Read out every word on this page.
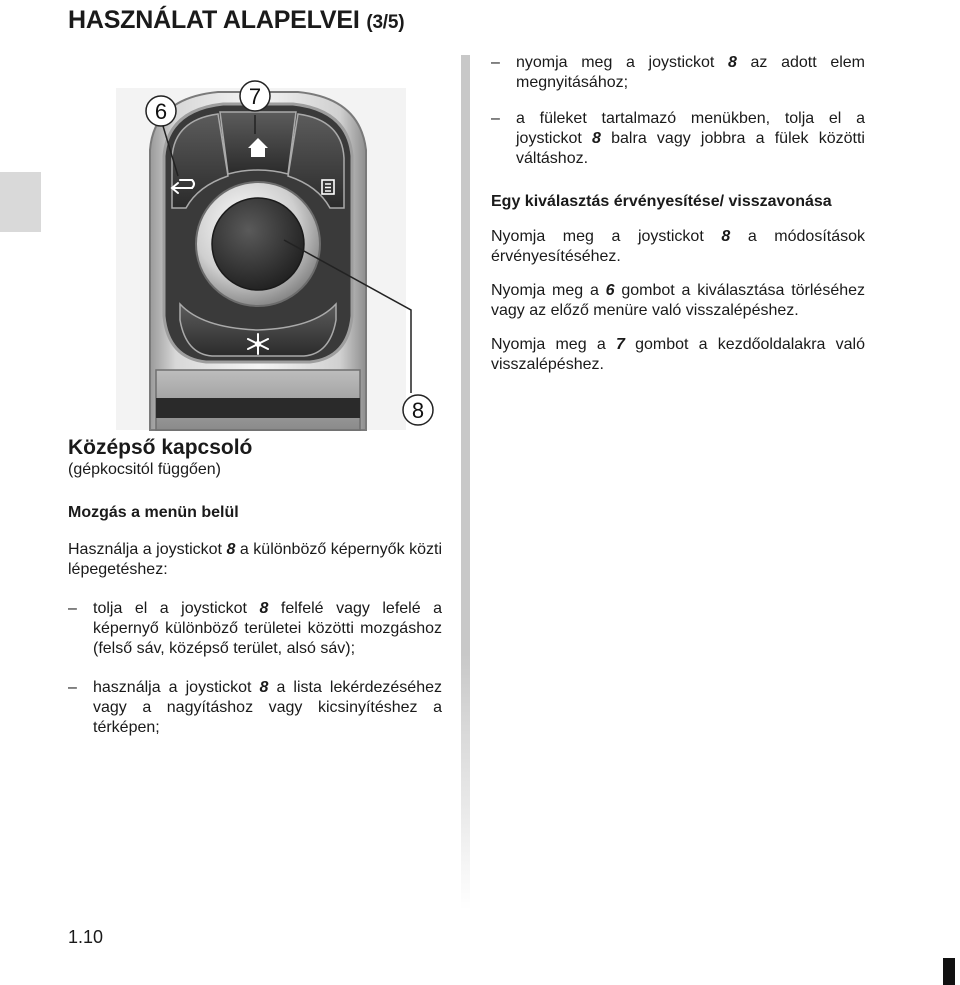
HASZNÁLAT ALAPELVEI (3/5)
6
7
8
Középső kapcsoló
(gépkocsitól függően)
Mozgás a menün belül

Használja a joystickot 8 a különböző képernyők közti lépegetéshez:

– tolja el a joystickot 8 felfelé vagy lefelé a képernyő különböző területei közötti mozgáshoz (felső sáv, középső terület, alsó sáv);
– használja a joystickot 8 a lista lekérdezéséhez vagy a nagyításhoz vagy kicsinyítéshez a térképen;
– nyomja meg a joystickot 8 az adott elem megnyitásához;
– a füleket tartalmazó menükben, tolja el a joystickot 8 balra vagy jobbra a fülek közötti váltáshoz.
Egy kiválasztás érvényesítése/ visszavonása

Nyomja meg a joystickot 8 a módosítások érvényesítéséhez.

Nyomja meg a 6 gombot a kiválasztása törléséhez vagy az előző menüre való visszalépéshez.

Nyomja meg a 7 gombot a kezdőoldalakra való visszalépéshez.

1.10
